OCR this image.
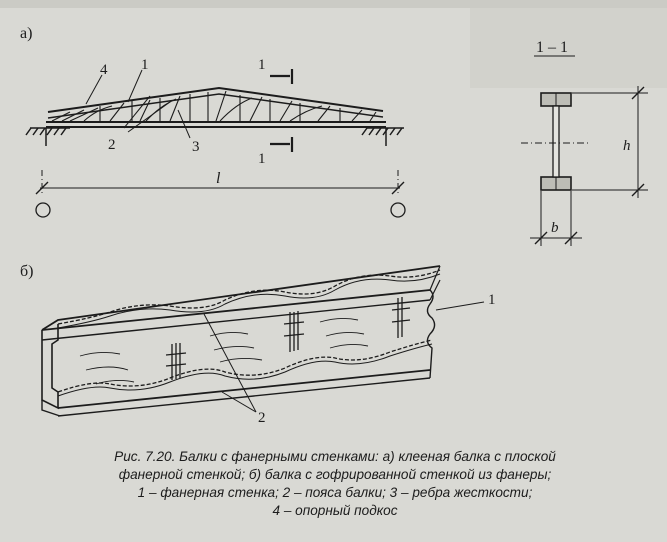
а)
4 1
2	3
1
1
l
1 – 1
h
b
б)
1
2
Рис. 7.20. Балки с фанерными стенками: а) клееная балка с плоской
фанерной стенкой; б) балка с гофрированной стенкой из фанеры;
1 – фанерная стенка; 2 – пояса балки; 3 – ребра жесткости;
4 – опорный подкос
